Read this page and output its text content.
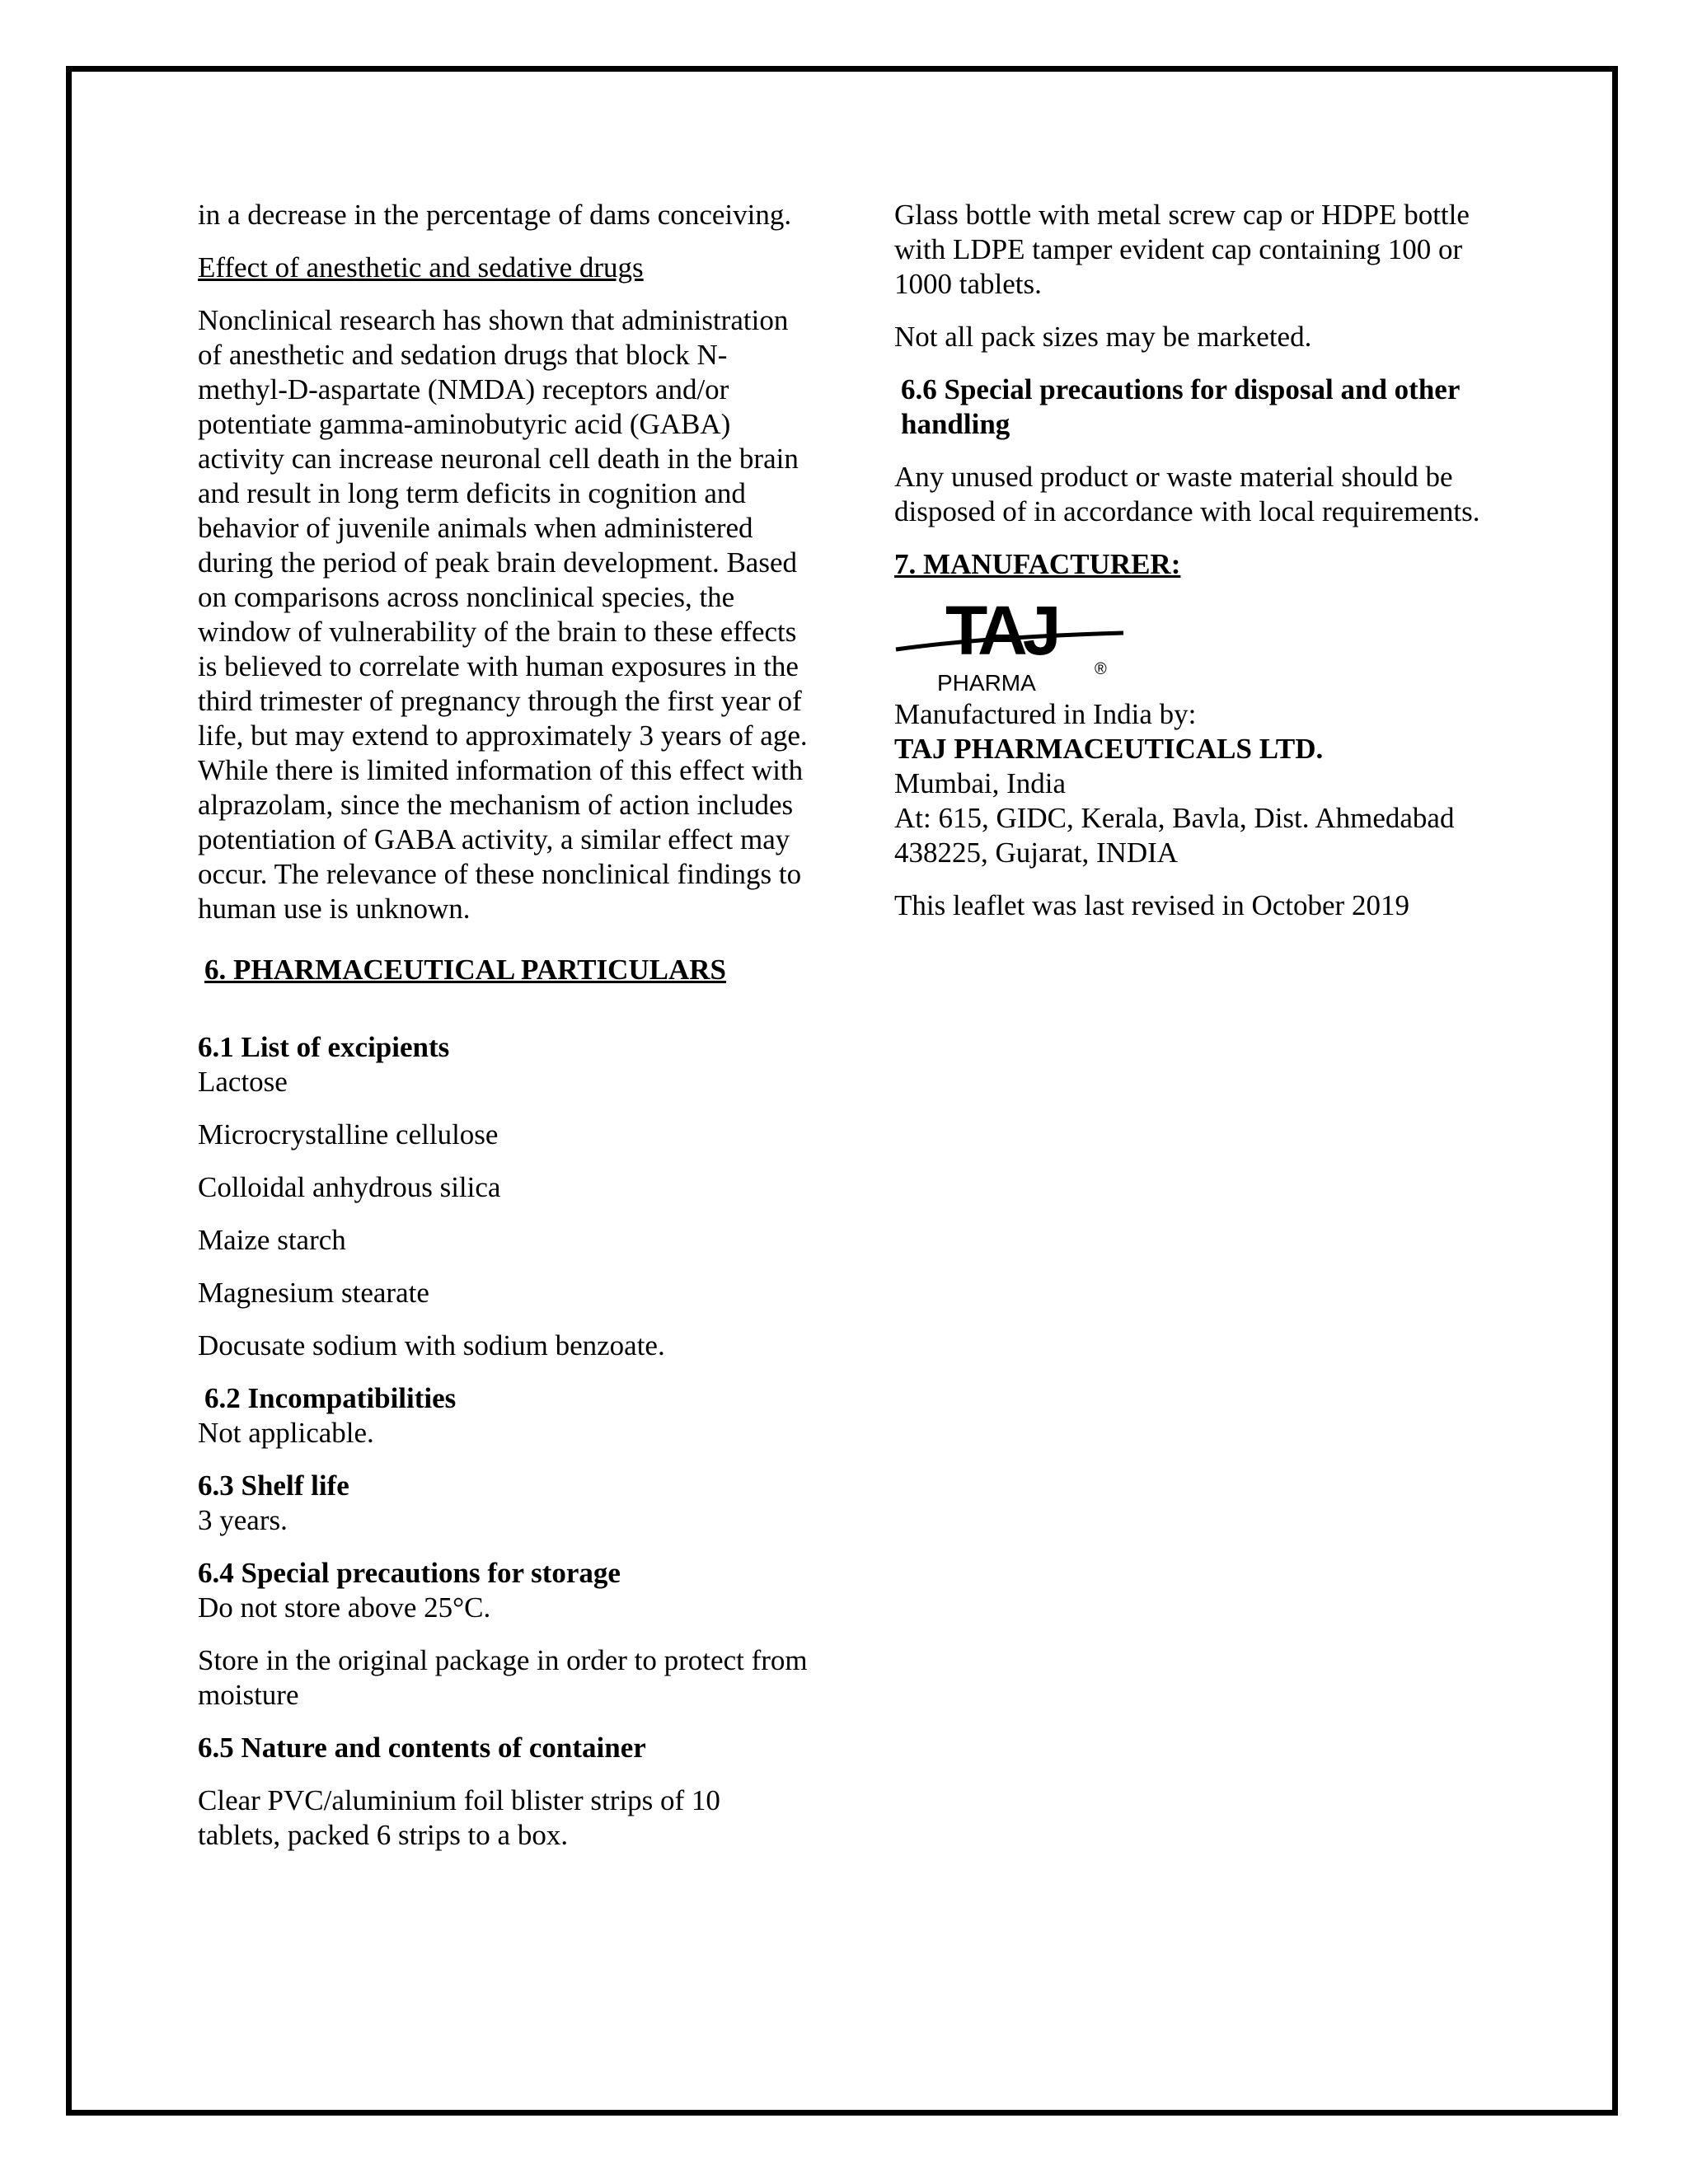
in a decrease in the percentage of dams conceiving.

Effect of anesthetic and sedative drugs

Nonclinical research has shown that administration of anesthetic and sedation drugs that block N-methyl-D-aspartate (NMDA) receptors and/or potentiate gamma-aminobutyric acid (GABA) activity can increase neuronal cell death in the brain and result in long term deficits in cognition and behavior of juvenile animals when administered during the period of peak brain development. Based on comparisons across nonclinical species, the window of vulnerability of the brain to these effects is believed to correlate with human exposures in the third trimester of pregnancy through the first year of life, but may extend to approximately 3 years of age. While there is limited information of this effect with alprazolam, since the mechanism of action includes potentiation of GABA activity, a similar effect may occur. The relevance of these nonclinical findings to human use is unknown.

6. PHARMACEUTICAL PARTICULARS

6.1 List of excipients

Lactose

Microcrystalline cellulose

Colloidal anhydrous silica

Maize starch

Magnesium stearate

Docusate sodium with sodium benzoate.

6.2 Incompatibilities

Not applicable.

6.3 Shelf life

3 years.

6.4 Special precautions for storage

Do not store above 25°C.

Store in the original package in order to protect from moisture

6.5 Nature and contents of container

Clear PVC/aluminium foil blister strips of 10 tablets, packed 6 strips to a box.

Glass bottle with metal screw cap or HDPE bottle with LDPE tamper evident cap containing 100 or 1000 tablets.

Not all pack sizes may be marketed.

6.6 Special precautions for disposal and other handling

Any unused product or waste material should be disposed of in accordance with local requirements.

7. MANUFACTURER:

TAJ
PHARMA
®

Manufactured in India by:

TAJ PHARMACEUTICALS LTD.

Mumbai, India

At: 615, GIDC, Kerala, Bavla, Dist. Ahmedabad 438225, Gujarat, INDIA

This leaflet was last revised in October 2019
